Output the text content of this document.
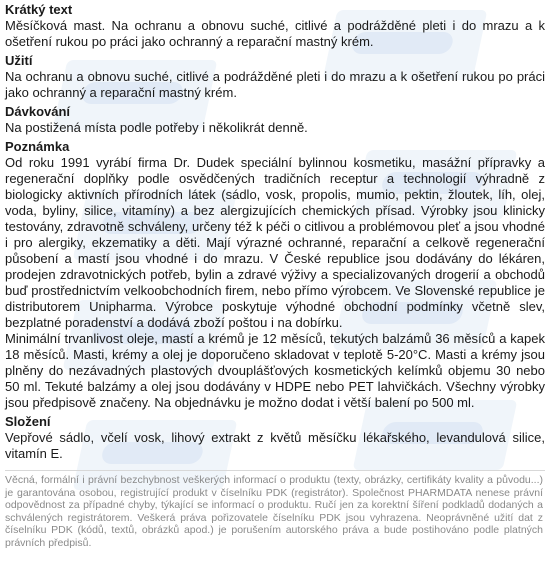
Krátký text

Měsíčková mast. Na ochranu a obnovu suché, citlivé a podrážděné pleti i do mrazu a k ošetření rukou po práci jako ochranný a reparační mastný krém.

Užití

Na ochranu a obnovu suché, citlivé a podrážděné pleti i do mrazu a k ošetření rukou po práci jako ochranný a reparační mastný krém.

Dávkování

Na postižená místa podle potřeby i několikrát denně.

Poznámka

Od roku 1991 vyrábí firma Dr. Dudek speciální bylinnou kosmetiku, masážní přípravky a regenerační doplňky podle osvědčených tradičních receptur a technologií výhradně z biologicky aktivních přírodních látek (sádlo, vosk, propolis, mumio, pektin, žloutek, líh, olej, voda, byliny, silice, vitamíny) a bez alergizujících chemických přísad. Výrobky jsou klinicky testovány, zdravotně schváleny, určeny též k péči o citlivou a problémovou pleť a jsou vhodné i pro alergiky, ekzematiky a děti. Mají výrazné ochranné, reparační a celkově regenerační působení a mastí jsou vhodné i do mrazu. V České republice jsou dodávány do lékáren, prodejen zdravotnických potřeb, bylin a zdravé výživy a specializovaných drogerií a obchodů buď prostřednictvím velkoobchodních firem, nebo přímo výrobcem. Ve Slovenské republice je distributorem Unipharma. Výrobce poskytuje výhodné obchodní podmínky včetně slev, bezplatné poradenství a dodává zboží poštou i na dobírku.
Minimální trvanlivost oleje, mastí a krémů je 12 měsíců, tekutých balzámů 36 měsíců a kapek 18 měsíců. Masti, krémy a olej je doporučeno skladovat v teplotě 5-20°C. Masti a krémy jsou plněny do nezávadných plastových dvouplášťových kosmetických kelímků objemu 30 nebo 50 ml. Tekuté balzámy a olej jsou dodávány v HDPE nebo PET lahvičkách. Všechny výrobky jsou předpisově značeny. Na objednávku je možno dodat i větší balení po 500 ml.

Složení

Vepřové sádlo, včelí vosk, lihový extrakt z květů měsíčku lékařského, levandulová silice, vitamín E.

Věcná, formální i právní bezchybnost veškerých informací o produktu (texty, obrázky, certifikáty kvality a původu...) je garantována osobou, registrující produkt v číselníku PDK (registrátor). Společnost PHARMDATA nenese právní odpovědnost za případné chyby, týkající se informací o produktu. Ručí jen za korektní šíření podkladů dodaných a schválených registrátorem. Veškerá práva pořizovatele číselníku PDK jsou vyhrazena. Neoprávněné užití dat z číselníku PDK (kódů, textů, obrázků apod.) je porušením autorského práva a bude postihováno podle platných právních předpisů.
